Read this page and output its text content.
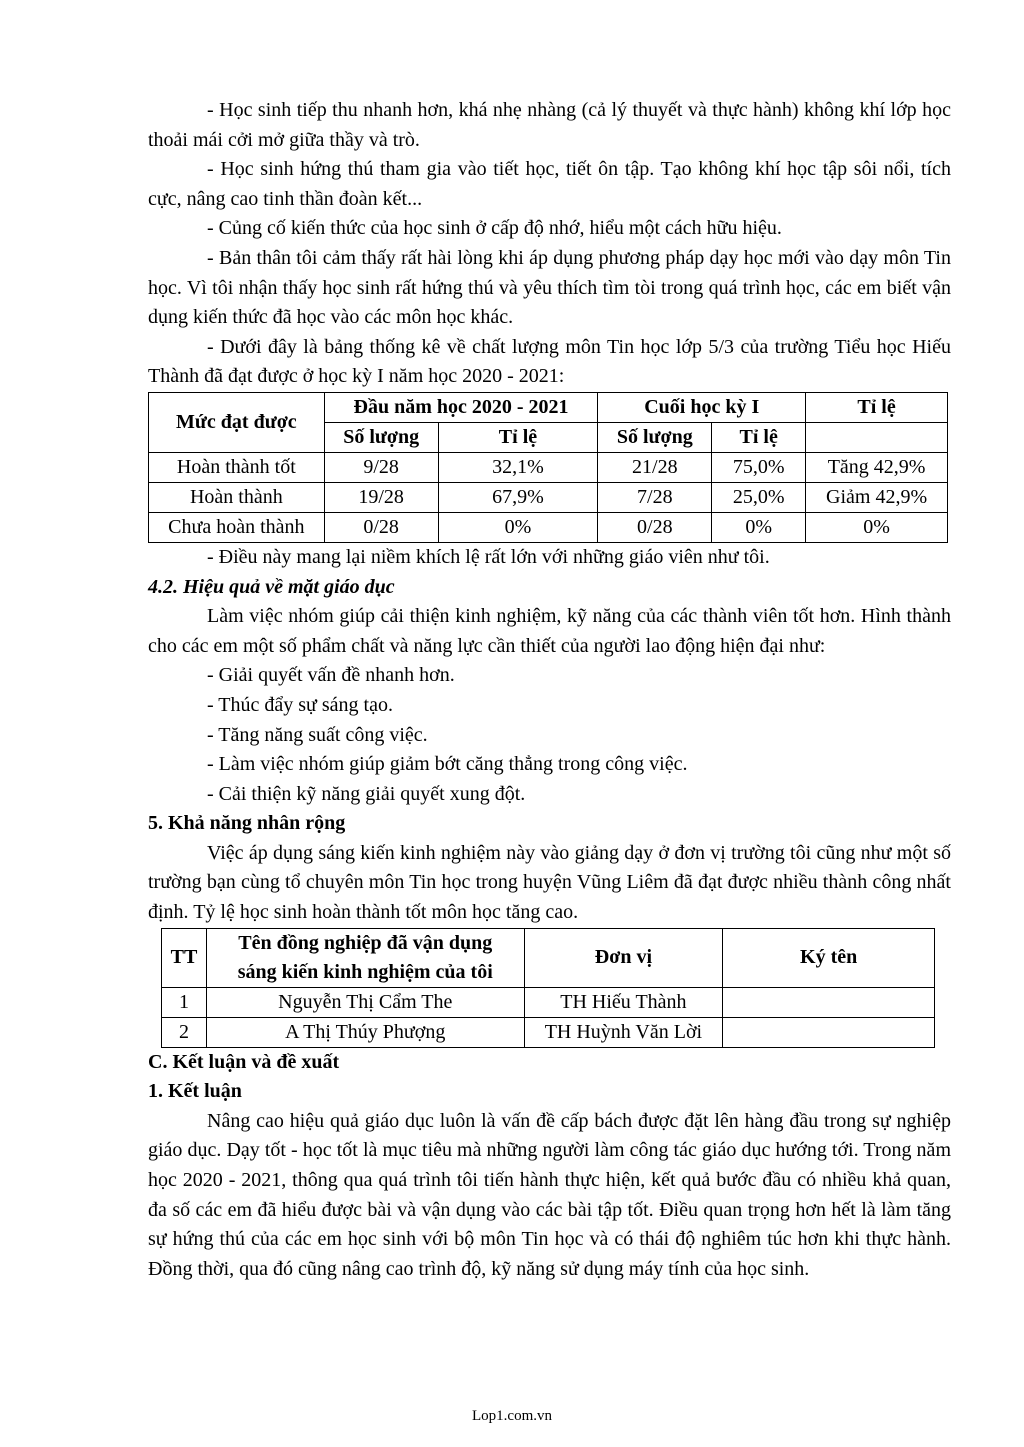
- Học sinh tiếp thu nhanh hơn, khá nhẹ nhàng (cả lý thuyết và thực hành) không khí lớp học thoải mái cởi mở giữa thầy và trò.

- Học sinh hứng thú tham gia vào tiết học, tiết ôn tập. Tạo không khí học tập sôi nổi, tích cực, nâng cao tinh thần đoàn kết...

- Củng cố kiến thức của học sinh ở cấp độ nhớ, hiểu một cách hữu hiệu.

- Bản thân tôi cảm thấy rất hài lòng khi áp dụng phương pháp dạy học mới vào dạy môn Tin học. Vì tôi nhận thấy học sinh rất hứng thú và yêu thích tìm tòi trong quá trình học, các em biết vận dụng kiến thức đã học vào các môn học khác.

- Dưới đây là bảng thống kê về chất lượng môn Tin học lớp 5/3 của trường Tiểu học Hiếu Thành đã đạt được ở học kỳ I năm học 2020 - 2021:

Mức đạt được	Đầu năm học 2020 - 2021		Cuối học kỳ I		Tỉ lệ
	Số lượng	Tỉ lệ	Số lượng	Tỉ lệ	
Hoàn thành tốt	9/28	32,1%	21/28	75,0%	Tăng 42,9%
Hoàn thành	19/28	67,9%	7/28	25,0%	Giảm 42,9%
Chưa hoàn thành	0/28	0%	0/28	0%	0%

- Điều này mang lại niềm khích lệ rất lớn với những giáo viên như tôi.

4.2. Hiệu quả về mặt giáo dục

Làm việc nhóm giúp cải thiện kinh nghiệm, kỹ năng của các thành viên tốt hơn. Hình thành cho các em một số phẩm chất và năng lực cần thiết của người lao động hiện đại như:

- Giải quyết vấn đề nhanh hơn.

- Thúc đẩy sự sáng tạo.

- Tăng năng suất công việc.

- Làm việc nhóm giúp giảm bớt căng thẳng trong công việc.

- Cải thiện kỹ năng giải quyết xung đột.

5. Khả năng nhân rộng

Việc áp dụng sáng kiến kinh nghiệm này vào giảng dạy ở đơn vị trường tôi cũng như một số trường bạn cùng tổ chuyên môn Tin học trong huyện Vũng Liêm đã đạt được nhiều thành công nhất định. Tỷ lệ học sinh hoàn thành tốt môn học tăng cao.

TT	Tên đồng nghiệp đã vận dụng
sáng kiến kinh nghiệm của tôi	Đơn vị	Ký tên
1	Nguyễn Thị Cẩm The	TH Hiếu Thành	
2	A Thị Thúy Phượng	TH Huỳnh Văn Lời	
C. Kết luận và đề xuất
1. Kết luận

Nâng cao hiệu quả giáo dục luôn là vấn đề cấp bách được đặt lên hàng đầu trong sự nghiệp giáo dục. Dạy tốt - học tốt là mục tiêu mà những người làm công tác giáo dục hướng tới. Trong năm học 2020 - 2021, thông qua quá trình tôi tiến hành thực hiện, kết quả bước đầu có nhiều khả quan, đa số các em đã hiểu được bài và vận dụng vào các bài tập tốt. Điều quan trọng hơn hết là làm tăng sự hứng thú của các em học sinh với bộ môn Tin học và có thái độ nghiêm túc hơn khi thực hành. Đồng thời, qua đó cũng nâng cao trình độ, kỹ năng sử dụng máy tính của học sinh.

Lop1.com.vn
